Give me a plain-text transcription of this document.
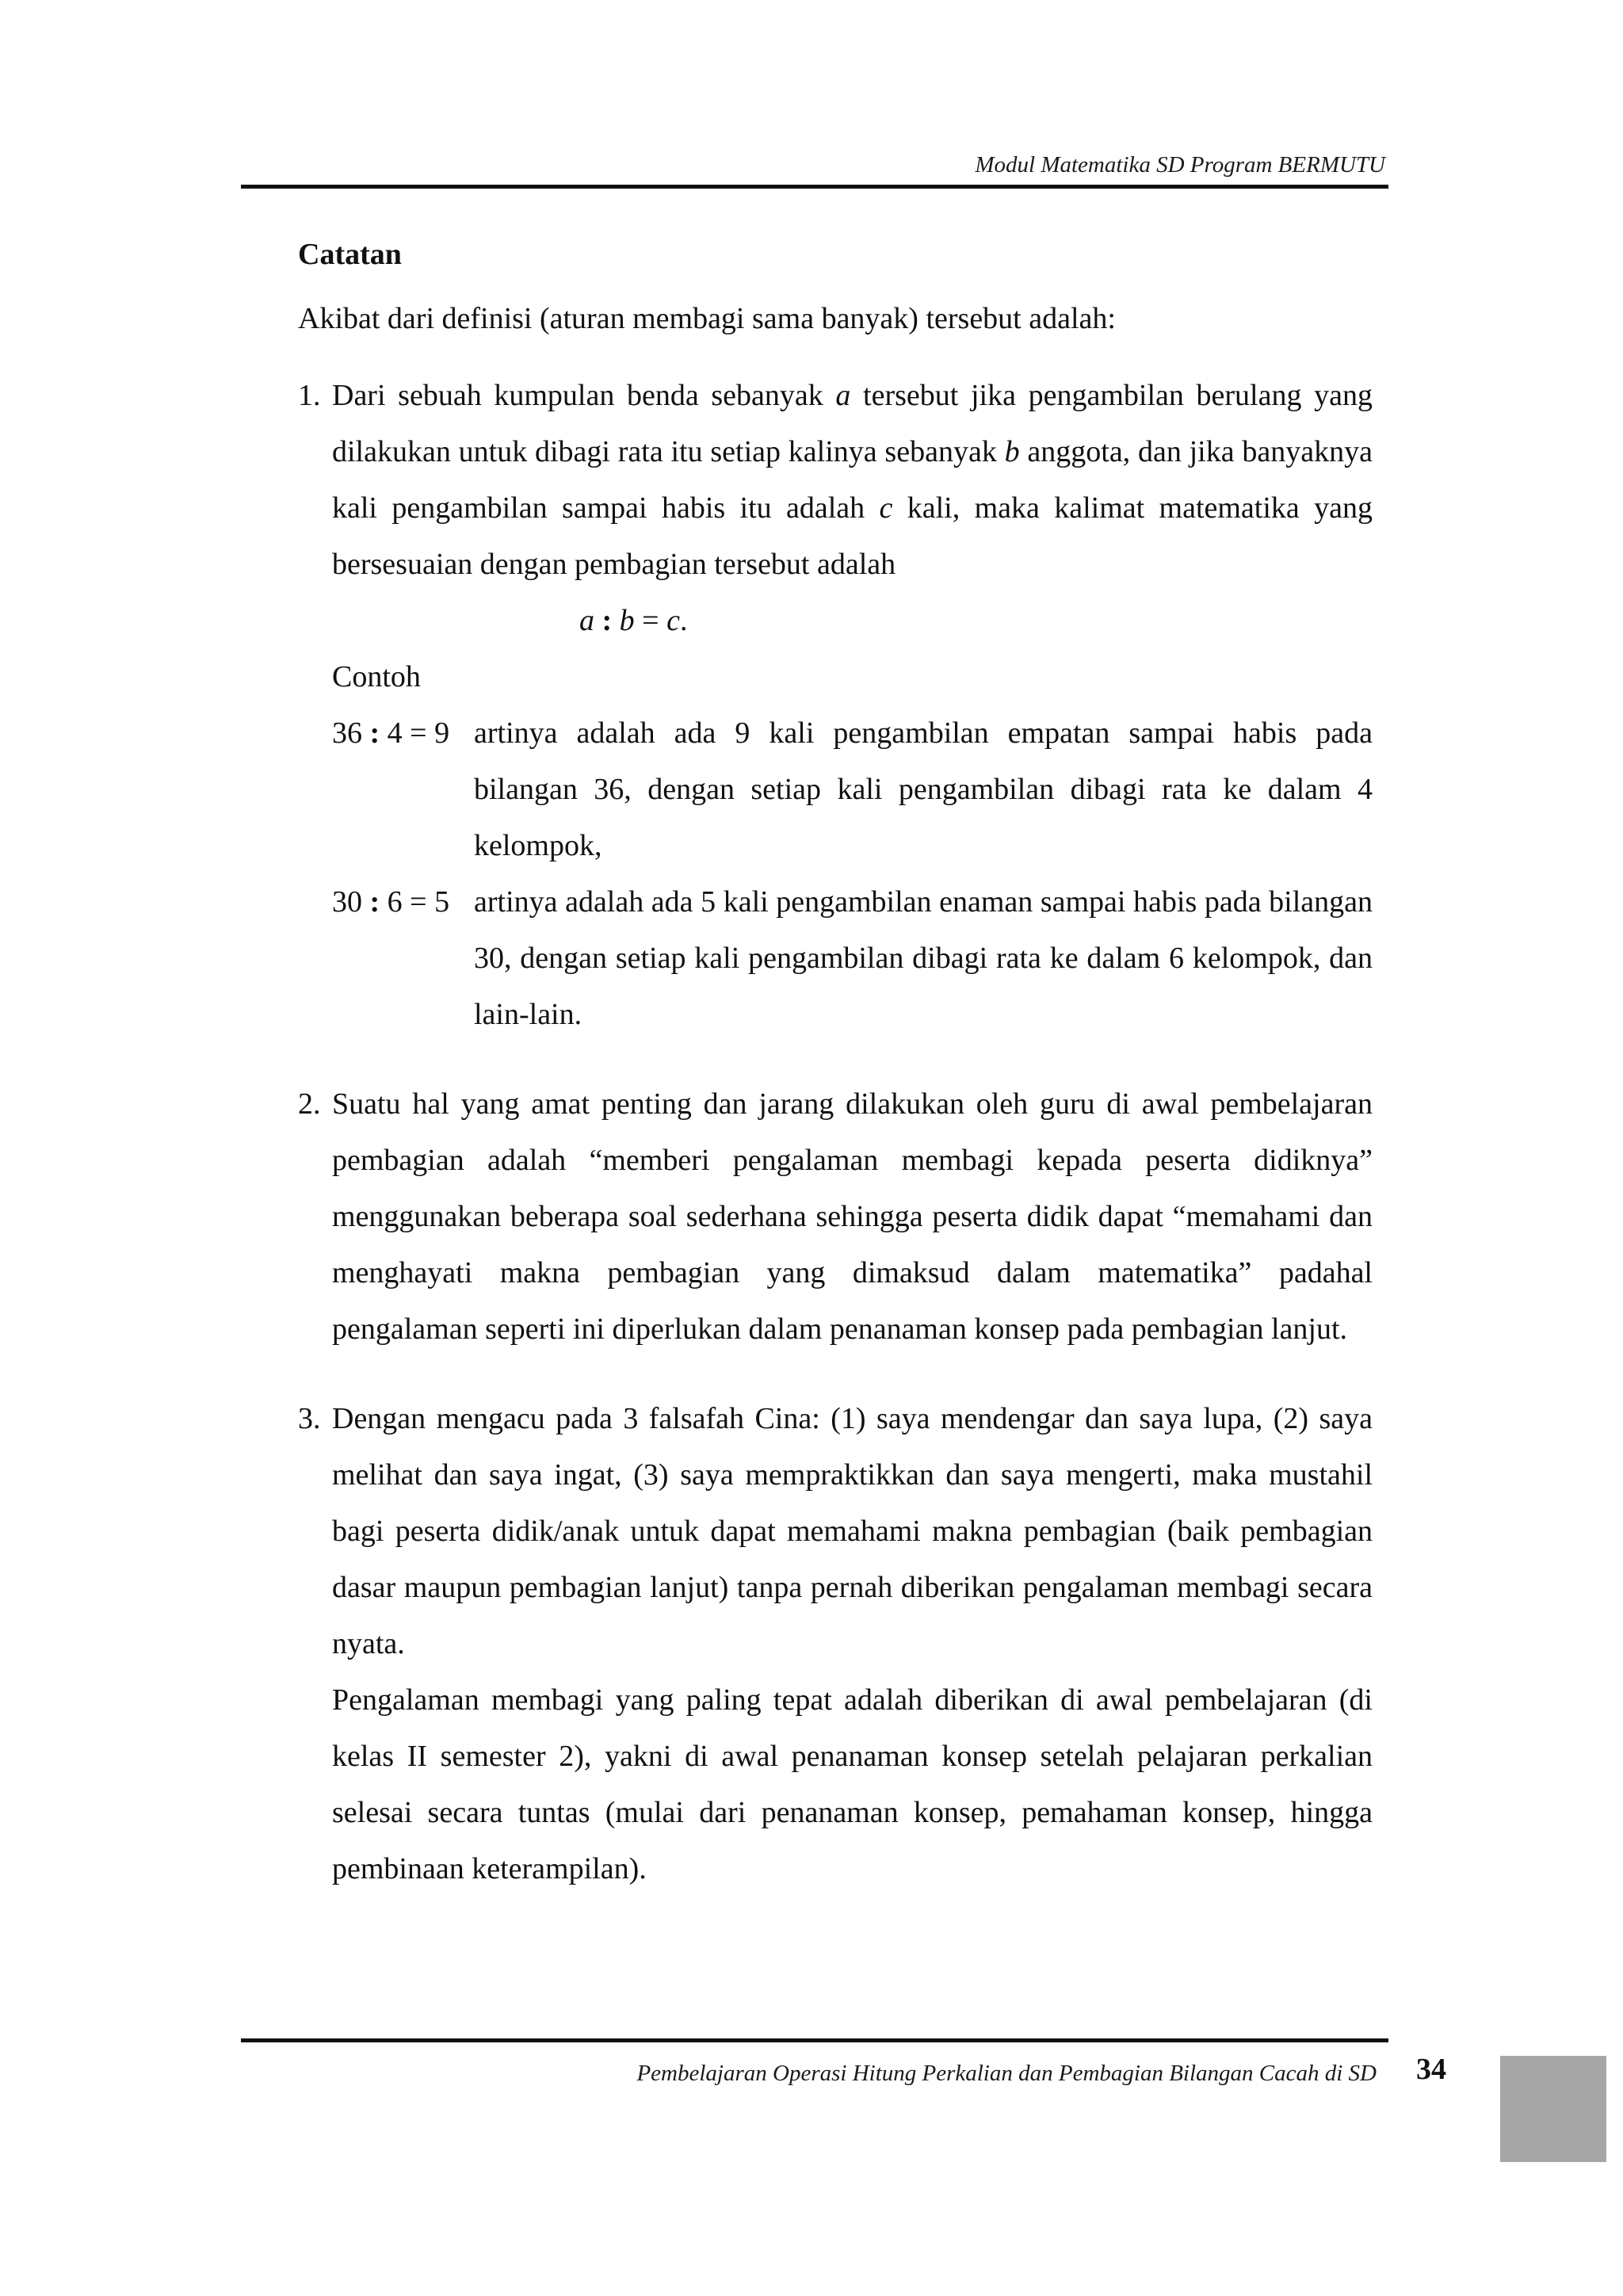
Modul Matematika SD Program BERMUTU

Catatan

Akibat dari definisi (aturan membagi sama banyak) tersebut adalah:

1. Dari sebuah kumpulan benda sebanyak a tersebut jika pengambilan berulang yang dilakukan untuk dibagi rata itu setiap kalinya sebanyak b anggota, dan jika banyaknya kali pengambilan sampai habis itu adalah c kali, maka kalimat matematika yang bersesuaian dengan pembagian tersebut adalah
a : b = c.

Contoh

36 : 4 = 9 artinya adalah ada 9 kali pengambilan empatan sampai habis pada bilangan 36, dengan setiap kali pengambilan dibagi rata ke dalam 4 kelompok,
30 : 6 = 5 artinya adalah ada 5 kali pengambilan enaman sampai habis pada bilangan 30, dengan setiap kali pengambilan dibagi rata ke dalam 6 kelompok, dan lain-lain.
2. Suatu hal yang amat penting dan jarang dilakukan oleh guru di awal pembelajaran pembagian adalah “memberi pengalaman membagi kepada peserta didiknya” menggunakan beberapa soal sederhana sehingga peserta didik dapat “memahami dan menghayati makna pembagian yang dimaksud dalam matematika” padahal pengalaman seperti ini diperlukan dalam penanaman konsep pada pembagian lanjut.
3. Dengan mengacu pada 3 falsafah Cina: (1) saya mendengar dan saya lupa, (2) saya melihat dan saya ingat, (3) saya mempraktikkan dan saya mengerti, maka mustahil bagi peserta didik/anak untuk dapat memahami makna pembagian (baik pembagian dasar maupun pembagian lanjut) tanpa pernah diberikan pengalaman membagi secara nyata.
Pengalaman membagi yang paling tepat adalah diberikan di awal pembelajaran (di kelas II semester 2), yakni di awal penanaman konsep setelah pelajaran perkalian selesai secara tuntas (mulai dari penanaman konsep, pemahaman konsep, hingga pembinaan keterampilan).
Pembelajaran Operasi Hitung Perkalian dan Pembagian Bilangan Cacah di SD 34
